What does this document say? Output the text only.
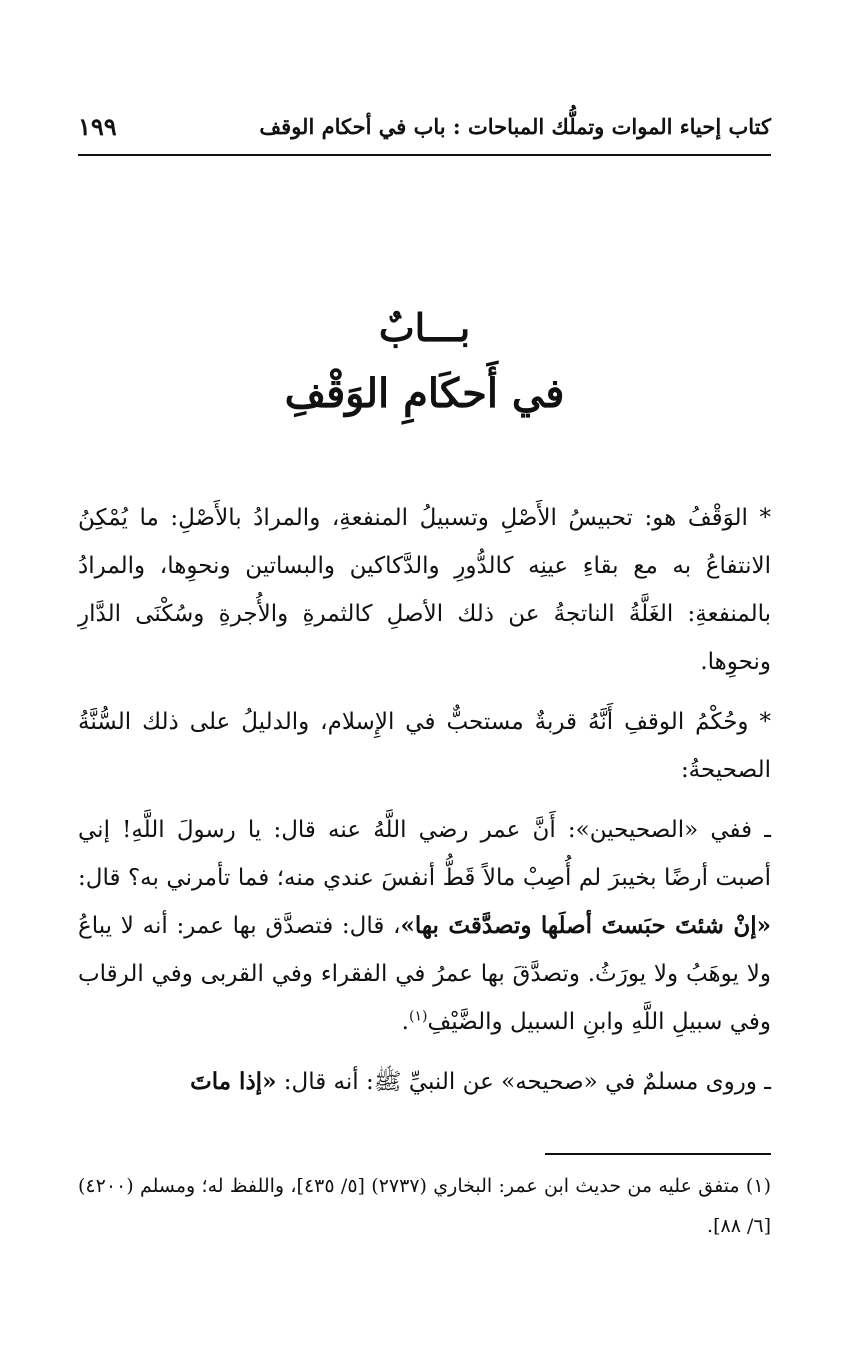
كتاب إحياء الموات وتملُّك المباحات : باب في أحكام الوقف
١٩٩
بـــابٌ
في أَحكَامِ الوَقْفِ

* الوَقْفُ هو: تحبيسُ الأَصْلِ وتسبيلُ المنفعةِ، والمرادُ بالأَصْلِ: ما يُمْكِنُ الانتفاعُ به مع بقاءِ عينِه كالدُّورِ والدَّكاكين والبساتين ونحوِها، والمرادُ بالمنفعةِ: الغَلَّةُ الناتجةُ عن ذلك الأصلِ كالثمرةِ والأُجرةِ وسُكْنَى الدَّارِ ونحوِها.

* وحُكْمُ الوقفِ أَنَّهُ قربةٌ مستحبٌّ في الإِسلام، والدليلُ على ذلك السُّنَّةُ الصحيحةُ:

ـ ففي «الصحيحين»: أَنَّ عمر رضي اللَّهُ عنه قال: يا رسولَ اللَّهِ! إني أصبت أرضًا بخيبرَ لم أُصِبْ مالاً قَطُّ أنفسَ عندي منه؛ فما تأمرني به؟ قال: «إنْ شئتَ حبَستَ أصلَها وتصدَّقتَ بها»، قال: فتصدَّق بها عمر: أنه لا يباعُ ولا يوهَبُ ولا يورَثُ. وتصدَّقَ بها عمرُ في الفقراء وفي القربى وفي الرقاب وفي سبيلِ اللَّهِ وابنِ السبيل والضَّيْفِ$^{(١)}$.

ـ وروى مسلمٌ في «صحيحه» عن النبيِّ ﷺ: أنه قال: «إذا ماتَ

(١) متفق عليه من حديث ابن عمر: البخاري (٢٧٣٧) [٥/ ٤٣٥]، واللفظ له؛ ومسلم (٤٢٠٠) [٦/ ٨٨].
